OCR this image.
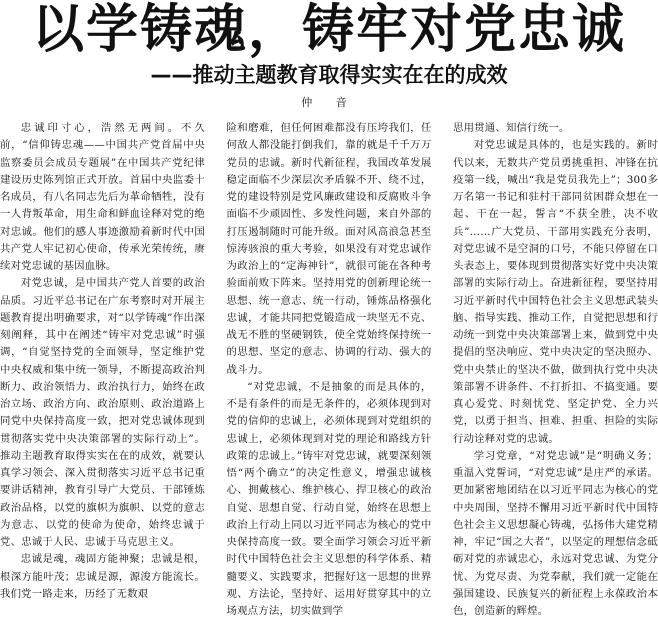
以学铸魂，铸牢对党忠诚
——推动主题教育取得实实在在的成效
仲 音

忠诚印寸心，浩然无两间。不久前，“信仰铸忠魂——中国共产党首届中央监察委员会成员专题展”在中国共产党纪律建设历史陈列馆正式开放。首届中央监委十名成员，有八名同志先后为革命牺牲，没有一人背叛革命，用生命和鲜血诠释对党的绝对忠诚。他们的感人事迹激励着新时代中国共产党人牢记初心使命，传承光荣传统，赓续对党忠诚的基因血脉。

对党忠诚，是中国共产党人首要的政治品质。习近平总书记在广东考察时对开展主题教育提出明确要求，对“以学铸魂”作出深刻阐释，其中在阐述“铸牢对党忠诚”时强调，“自觉坚持党的全面领导，坚定维护党中央权威和集中统一领导，不断提高政治判断力、政治领悟力、政治执行力，始终在政治立场、政治方向、政治原则、政治道路上同党中央保持高度一致，把对党忠诚体现到贯彻落实党中央决策部署的实际行动上”。推动主题教育取得实实在在的成效，就要认真学习领会、深入贯彻落实习近平总书记重要讲话精神，教育引导广大党员、干部锤炼政治品格，以党的旗帜为旗帜、以党的意志为意志、以党的使命为使命，始终忠诚于党、忠诚于人民、忠诚于马克思主义。

忠诚是魂，魂固方能神聚；忠诚是根，根深方能叶茂；忠诚是源，源浚方能流长。我们党一路走来，历经了无数艰

险和磨难，但任何困难都没有压垮我们，任何敌人都没能打倒我们，靠的就是千千万万党员的忠诚。新时代新征程，我国改革发展稳定面临不少深层次矛盾躲不开、绕不过，党的建设特别是党风廉政建设和反腐败斗争面临不少顽固性、多发性问题，来自外部的打压遏制随时可能升级。面对风高浪急甚至惊涛骇浪的重大考验，如果没有对党忠诚作为政治上的“定海神针”，就很可能在各种考验面前败下阵来。坚持用党的创新理论统一思想、统一意志、统一行动，锤炼品格强化忠诚，才能共同把党锻造成一块坚无不克、战无不胜的坚硬钢铁，使全党始终保持统一的思想、坚定的意志、协调的行动、强大的战斗力。

“对党忠诚，不是抽象的而是具体的，不是有条件的而是无条件的，必须体现到对党的信仰的忠诚上，必须体现到对党组织的忠诚上，必须体现到对党的理论和路线方针政策的忠诚上。”铸牢对党忠诚，就要深刻领悟“两个确立”的决定性意义，增强忠诚核心、拥戴核心、维护核心、捍卫核心的政治自觉、思想自觉、行动自觉，始终在思想上政治上行动上同以习近平同志为核心的党中央保持高度一致。要全面学习领会习近平新时代中国特色社会主义思想的科学体系、精髓要义、实践要求，把握好这一思想的世界观、方法论，坚持好、运用好贯穿其中的立场观点方法，切实做到学

思用贯通、知信行统一。

对党忠诚是具体的，也是实践的。新时代以来，无数共产党员勇挑重担、冲锋在抗疫第一线，喊出“我是党员我先上”；300多万名第一书记和驻村干部同贫困群众想在一起、干在一起，誓言“不获全胜，决不收兵”……广大党员、干部用实践充分表明，对党忠诚不是空洞的口号，不能只停留在口头表态上，要体现到贯彻落实好党中央决策部署的实际行动上。奋进新征程，要坚持用习近平新时代中国特色社会主义思想武装头脑、指导实践、推动工作，自觉把思想和行动统一到党中央决策部署上来，做到党中央提倡的坚决响应、党中央决定的坚决照办、党中央禁止的坚决不做，做到执行党中央决策部署不讲条件、不打折扣、不搞变通。要真心爱党、时刻忧党、坚定护党、全力兴党，以勇于担当、担难、担重、担险的实际行动诠释对党的忠诚。

学习党章，“对党忠诚”是“明确义务；重温入党誓词，“对党忠诚”是庄严的承诺。更加紧密地团结在以习近平同志为核心的党中央周围，坚持不懈用习近平新时代中国特色社会主义思想凝心铸魂，弘扬伟大建党精神，牢记“国之大者”，以坚定的理想信念砥砺对党的赤诚忠心，永远对党忠诚、为党分忧、为党尽责、为党奉献，我们就一定能在强国建设、民族复兴的新征程上永葆政治本色，创造新的辉煌。
